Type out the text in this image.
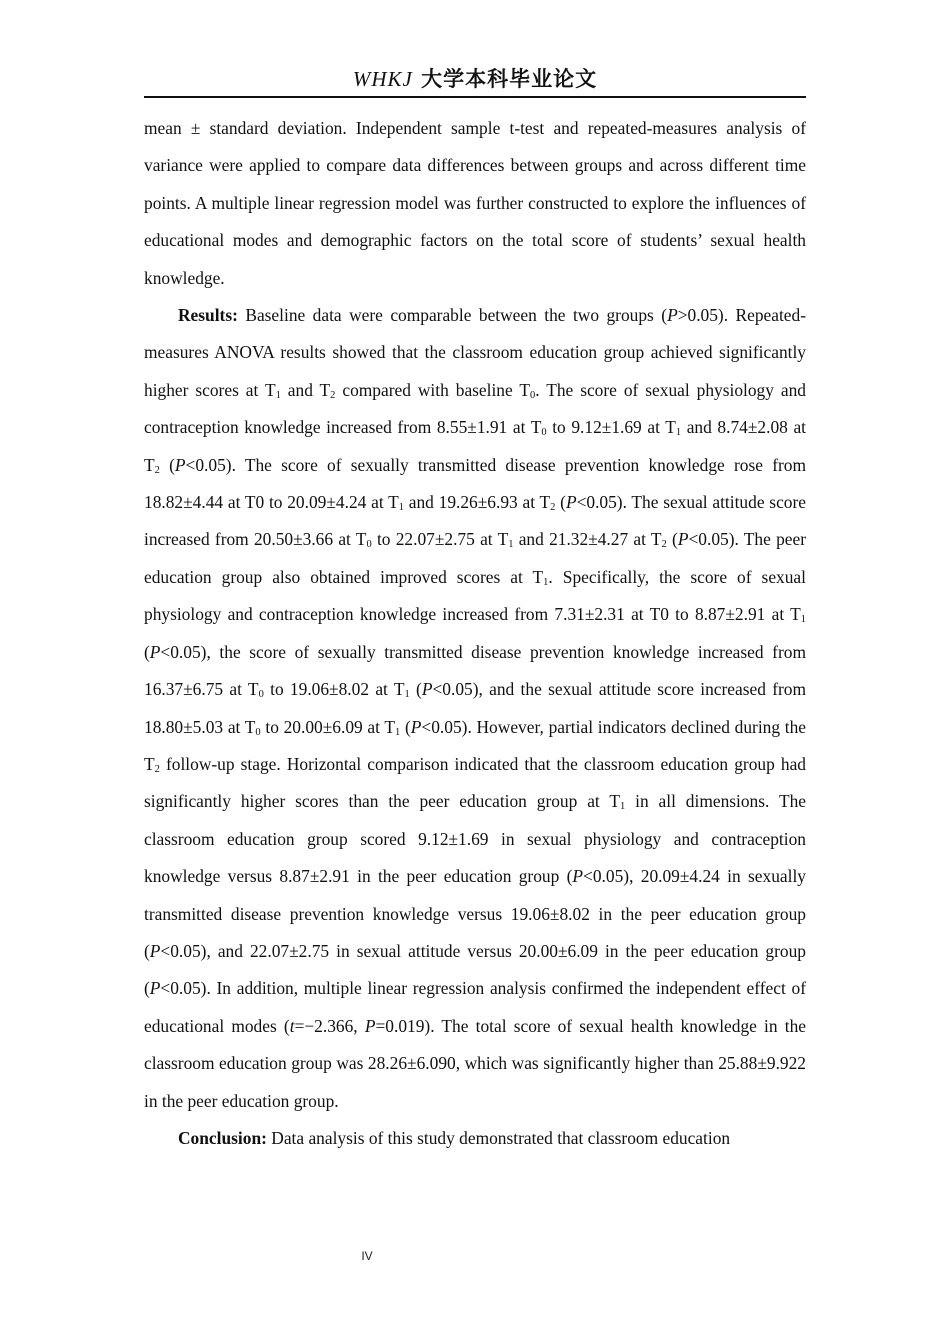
WHKJ 大学本科毕业论文

mean ± standard deviation. Independent sample t-test and repeated-measures analysis of variance were applied to compare data differences between groups and across different time points. A multiple linear regression model was further constructed to explore the influences of educational modes and demographic factors on the total score of students’ sexual health knowledge.

Results: Baseline data were comparable between the two groups (P>0.05). Repeated-measures ANOVA results showed that the classroom education group achieved significantly higher scores at $T_1$ and $T_2$ compared with baseline $T_0$. The score of sexual physiology and contraception knowledge increased from 8.55±1.91 at $T_0$ to 9.12±1.69 at $T_1$ and 8.74±2.08 at $T_2$ (P<0.05). The score of sexually transmitted disease prevention knowledge rose from 18.82±4.44 at T0 to 20.09±4.24 at $T_1$ and 19.26±6.93 at $T_2$ (P<0.05). The sexual attitude score increased from 20.50±3.66 at $T_0$ to 22.07±2.75 at $T_1$ and 21.32±4.27 at $T_2$ (P<0.05). The peer education group also obtained improved scores at $T_1$. Specifically, the score of sexual physiology and contraception knowledge increased from 7.31±2.31 at T0 to 8.87±2.91 at $T_1$ (P<0.05), the score of sexually transmitted disease prevention knowledge increased from 16.37±6.75 at $T_0$ to 19.06±8.02 at $T_1$ (P<0.05), and the sexual attitude score increased from 18.80±5.03 at $T_0$ to 20.00±6.09 at $T_1$ (P<0.05). However, partial indicators declined during the $T_2$ follow-up stage. Horizontal comparison indicated that the classroom education group had significantly higher scores than the peer education group at $T_1$ in all dimensions. The classroom education group scored 9.12±1.69 in sexual physiology and contraception knowledge versus 8.87±2.91 in the peer education group (P<0.05), 20.09±4.24 in sexually transmitted disease prevention knowledge versus 19.06±8.02 in the peer education group (P<0.05), and 22.07±2.75 in sexual attitude versus 20.00±6.09 in the peer education group (P<0.05). In addition, multiple linear regression analysis confirmed the independent effect of educational modes (t=−2.366, P=0.019). The total score of sexual health knowledge in the classroom education group was 28.26±6.090, which was significantly higher than 25.88±9.922 in the peer education group.

Conclusion: Data analysis of this study demonstrated that classroom education

IV
